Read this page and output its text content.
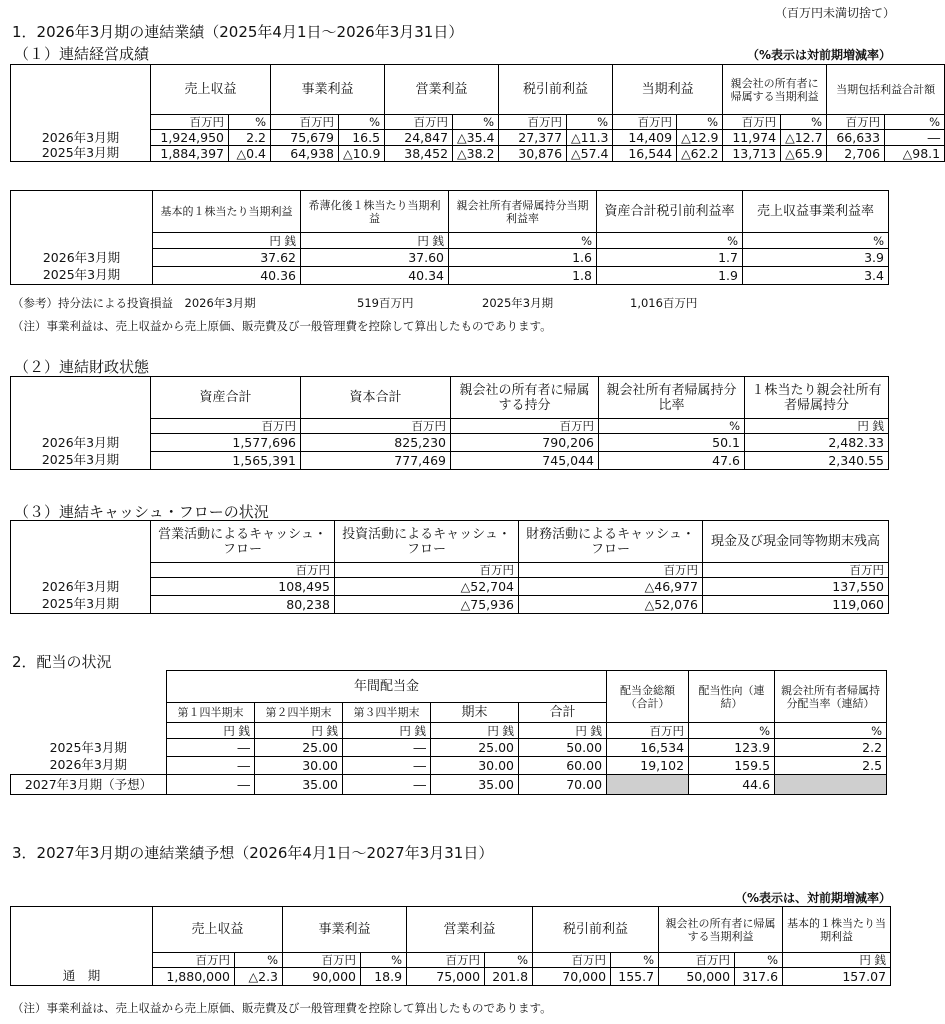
（百万円未満切捨て）
1．2026年3月期の連結業績（2025年4月1日～2026年3月31日）
（１）連結経営成績	（%表示は対前期増減率）
	売上収益		事業利益		営業利益		税引前利益		当期利益		親会社の所有者に帰属する当期利益		当期包括利益合計額	
	百万円	%	百万円	%	百万円	%	百万円	%	百万円	%	百万円	%	百万円	%
2026年3月期	1,924,950	2.2	75,679	16.5	24,847	△35.4	27,377	△11.3	14,409	△12.9	11,974	△12.7	66,633	―
2025年3月期	1,884,397	△0.4	64,938	△10.9	38,452	△38.2	30,876	△57.4	16,544	△62.2	13,713	△65.9	2,706	△98.1
	基本的１株当たり当期利益	希薄化後１株当たり当期利益	親会社所有者帰属持分当期利益率	資産合計税引前利益率	売上収益事業利益率
	円 銭	円 銭	%	%	%
2026年3月期	37.62	37.60	1.6	1.7	3.9
2025年3月期	40.36	40.34	1.8	1.9	3.4
（参考）持分法による投資損益　2026年3月期	519百万円	2025年3月期	1,016百万円
（注）事業利益は、売上収益から売上原価、販売費及び一般管理費を控除して算出したものであります。
（２）連結財政状態
	資産合計	資本合計	親会社の所有者に帰属する持分	親会社所有者帰属持分比率	１株当たり親会社所有者帰属持分
	百万円	百万円	百万円	%	円 銭
2026年3月期	1,577,696	825,230	790,206	50.1	2,482.33
2025年3月期	1,565,391	777,469	745,044	47.6	2,340.55
（３）連結キャッシュ・フローの状況
	営業活動によるキャッシュ・フロー	投資活動によるキャッシュ・フロー	財務活動によるキャッシュ・フロー	現金及び現金同等物期末残高
	百万円	百万円	百万円	百万円
2026年3月期	108,495	△52,704	△46,977	137,550
2025年3月期	80,238	△75,936	△52,076	119,060
2．配当の状況
	年間配当金					配当金総額（合計）	配当性向（連結）	親会社所有者帰属持分配当率（連結）
	第１四半期末	第２四半期末	第３四半期末	期末	合計			
	円 銭	円 銭	円 銭	円 銭	円 銭	百万円	%	%
2025年3月期	―	25.00	―	25.00	50.00	16,534	123.9	2.2
2026年3月期	―	30.00	―	30.00	60.00	19,102	159.5	2.5
2027年3月期（予想）	―	35.00	―	35.00	70.00		44.6	
3．2027年3月期の連結業績予想（2026年4月1日～2027年3月31日）
（%表示は、対前期増減率）
	売上収益		事業利益		営業利益		税引前利益		親会社の所有者に帰属する当期利益		基本的１株当たり当期利益
	百万円	%	百万円	%	百万円	%	百万円	%	百万円	%	円 銭
通　期	1,880,000	△2.3	90,000	18.9	75,000	201.8	70,000	155.7	50,000	317.6	157.07
（注）事業利益は、売上収益から売上原価、販売費及び一般管理費を控除して算出したものであります。
